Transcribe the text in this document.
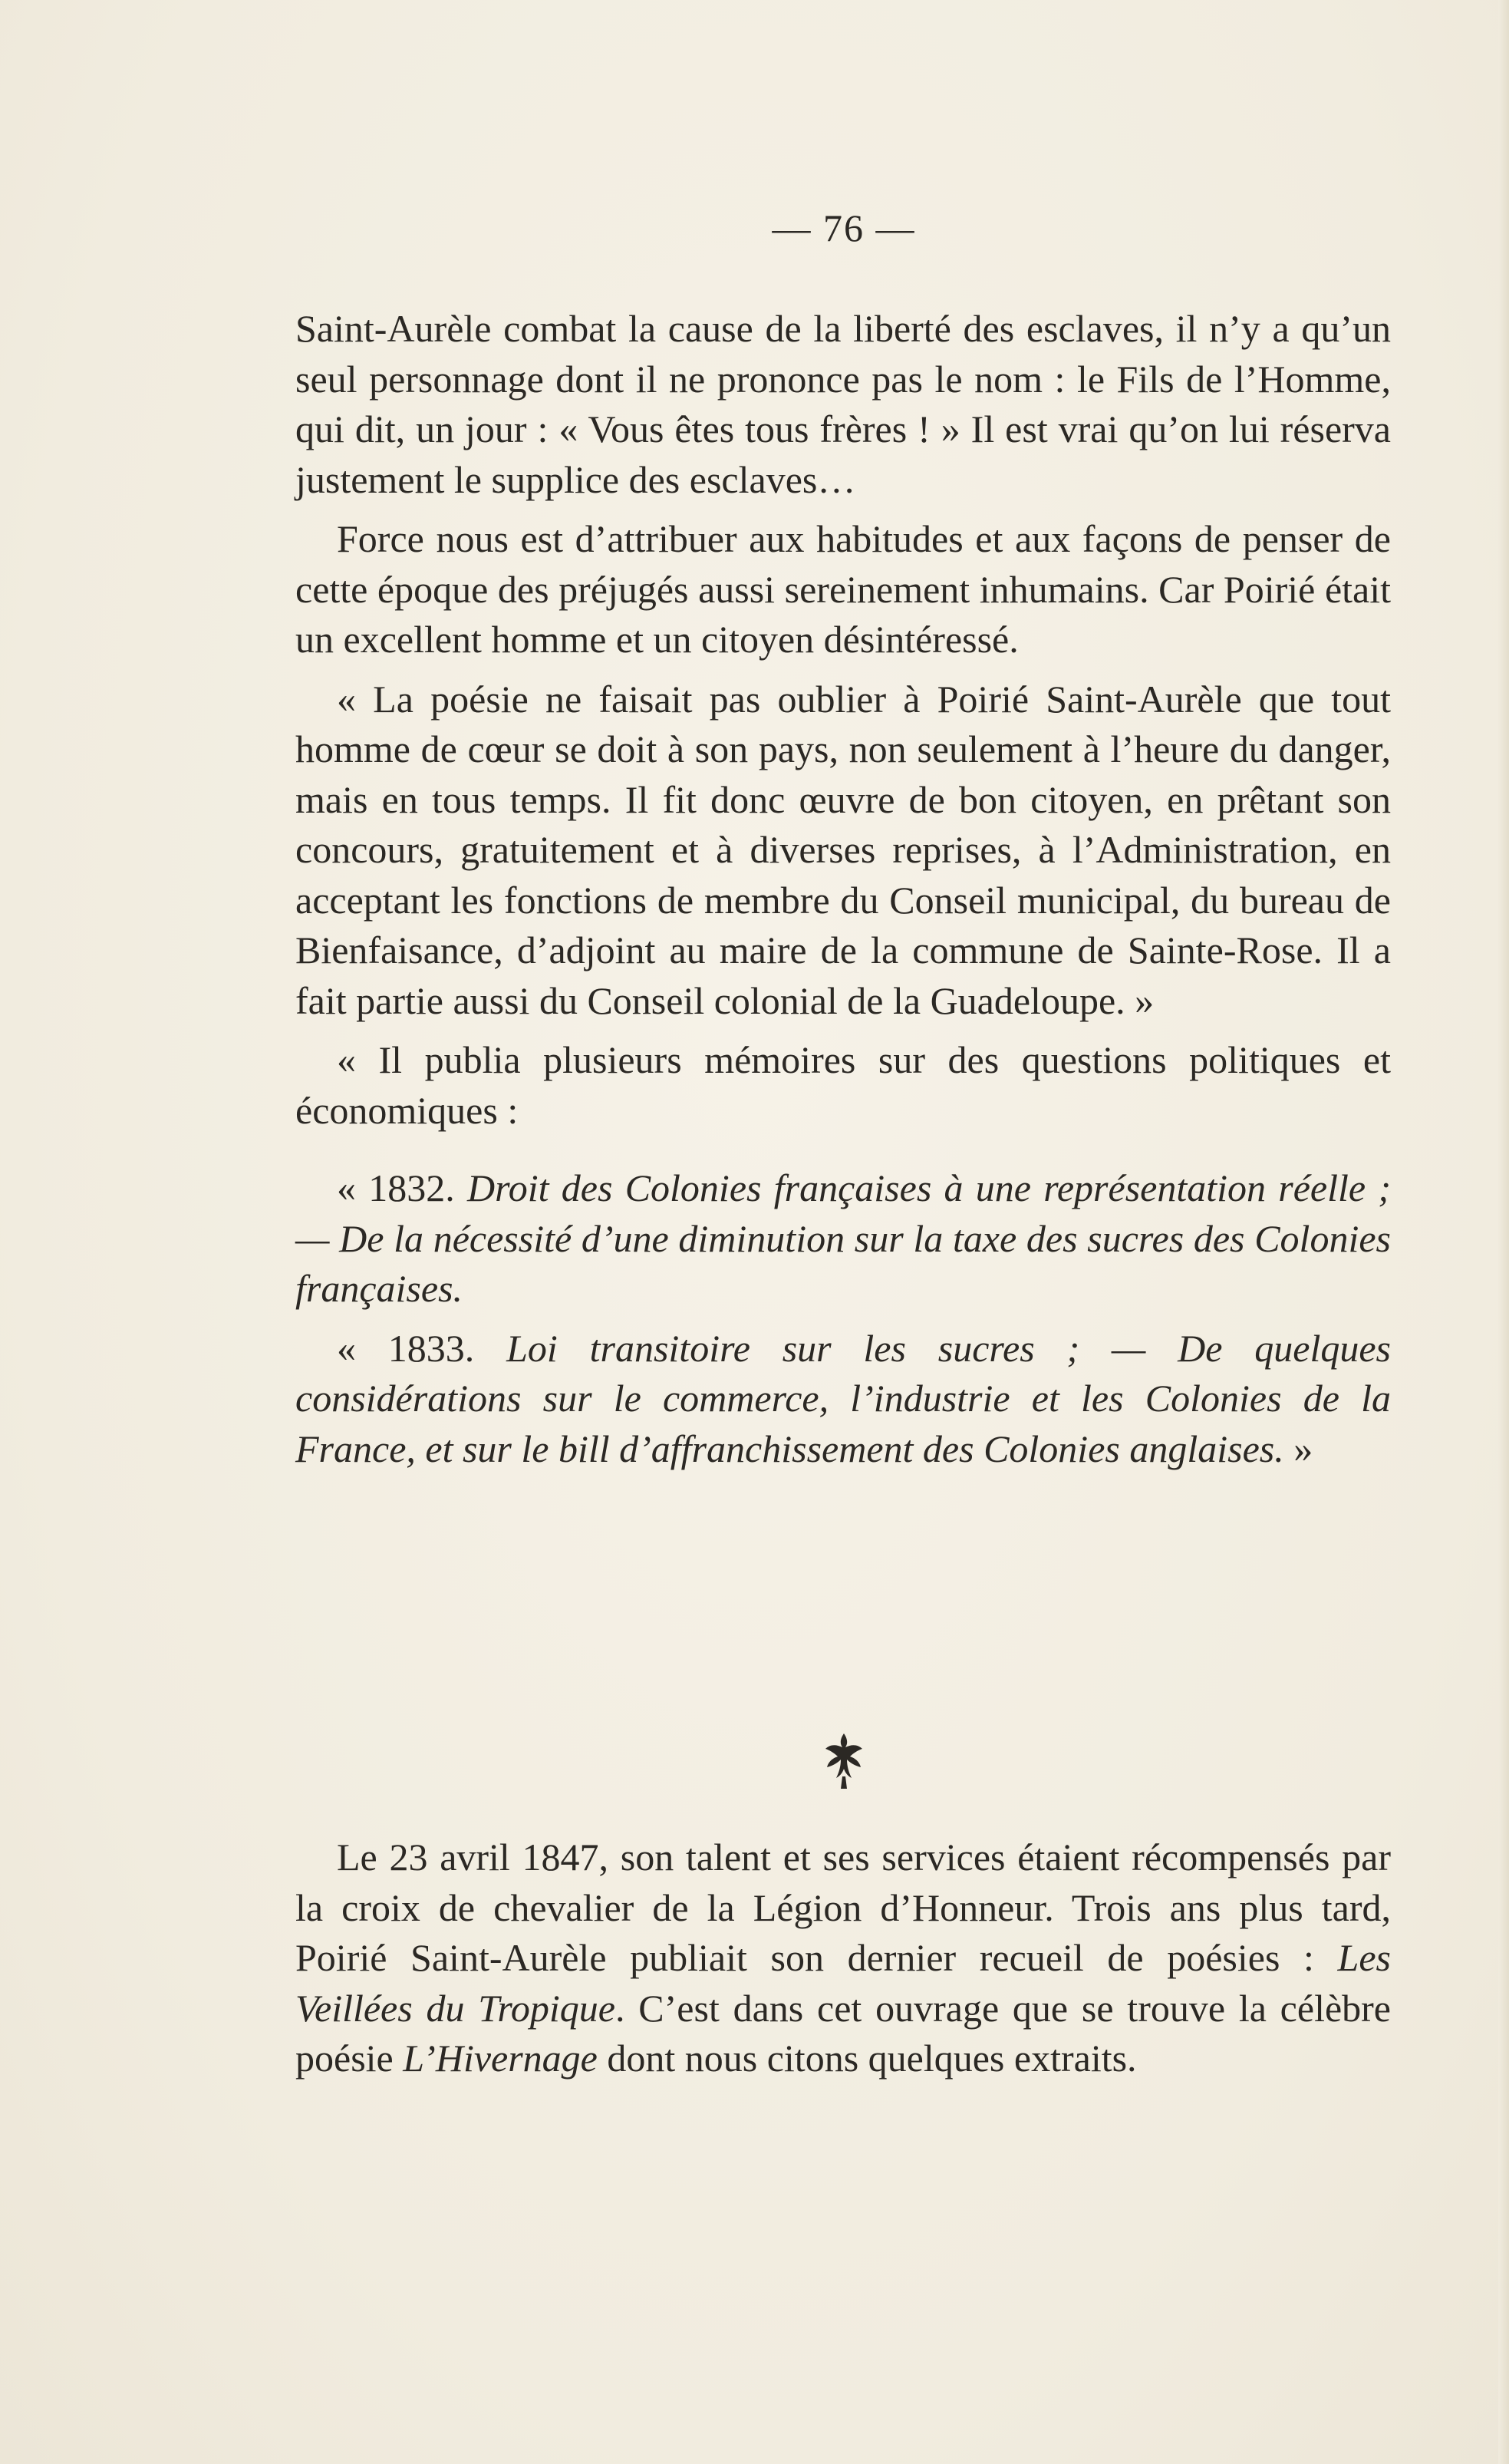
— 76 —

Saint-Aurèle combat la cause de la liberté des esclaves, il n’y a qu’un seul personnage dont il ne prononce pas le nom : le Fils de l’Homme, qui dit, un jour : « Vous êtes tous frères ! » Il est vrai qu’on lui réserva justement le supplice des esclaves…

Force nous est d’attribuer aux habitudes et aux façons de penser de cette époque des préjugés aussi sereinement inhumains. Car Poirié était un excellent homme et un citoyen désintéressé.

« La poésie ne faisait pas oublier à Poirié Saint-Aurèle que tout homme de cœur se doit à son pays, non seulement à l’heure du danger, mais en tous temps. Il fit donc œuvre de bon citoyen, en prêtant son concours, gratuitement et à diverses reprises, à l’Administration, en acceptant les fonctions de membre du Conseil municipal, du bureau de Bienfaisance, d’adjoint au maire de la commune de Sainte-Rose. Il a fait partie aussi du Conseil colonial de la Guadeloupe. »

« Il publia plusieurs mémoires sur des questions politiques et économiques :

« 1832. Droit des Colonies françaises à une représentation réelle ; — De la nécessité d’une diminution sur la taxe des sucres des Colonies françaises.

« 1833. Loi transitoire sur les sucres ; — De quelques considérations sur le commerce, l’industrie et les Colonies de la France, et sur le bill d’affranchissement des Colonies anglaises. »

Le 23 avril 1847, son talent et ses services étaient récompensés par la croix de chevalier de la Légion d’Honneur. Trois ans plus tard, Poirié Saint-Aurèle publiait son dernier recueil de poésies : Les Veillées du Tropique. C’est dans cet ouvrage que se trouve la célèbre poésie L’Hivernage dont nous citons quelques extraits.
